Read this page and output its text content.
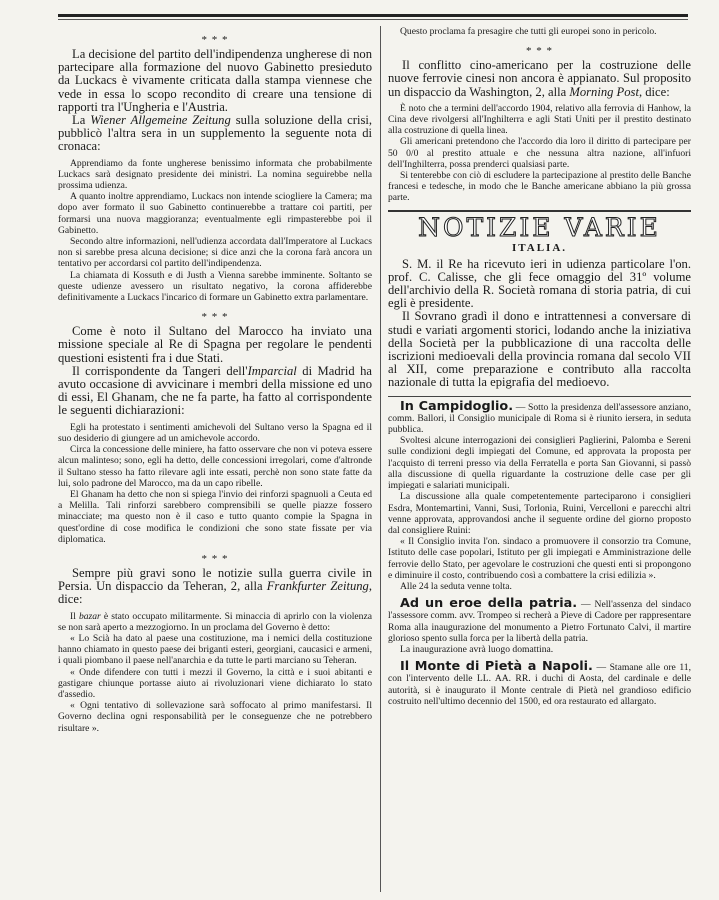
* * *

La decisione del partito dell'indipendenza ungherese di non partecipare alla formazione del nuovo Gabinetto presieduto da Luckacs è vivamente criticata dalla stampa viennese che vede in essa lo scopo recondito di creare una tensione di rapporti tra l'Ungheria e l'Austria.

La Wiener Allgemeine Zeitung sulla soluzione della crisi, pubblicò l'altra sera in un supplemento la seguente nota di cronaca:

Apprendiamo da fonte ungherese benissimo informata che probabilmente Luckacs sarà designato presidente dei ministri. La nomina seguirebbe nella prossima udienza.

A quanto inoltre apprendiamo, Luckacs non intende sciogliere la Camera; ma dopo aver formato il suo Gabinetto continuerebbe a trattare coi partiti, per formarsi una nuova maggioranza; eventualmente egli rimpasterebbe poi il Gabinetto.

Secondo altre informazioni, nell'udienza accordata dall'Imperatore al Luckacs non si sarebbe presa alcuna decisione; si dice anzi che la corona farà ancora un tentativo per accordarsi col partito dell'indipendenza.

La chiamata di Kossuth e di Justh a Vienna sarebbe imminente. Soltanto se queste udienze avessero un risultato negativo, la corona affiderebbe definitivamente a Luckacs l'incarico di formare un Gabinetto extra parlamentare.

* * *

Come è noto il Sultano del Marocco ha inviato una missione speciale al Re di Spagna per regolare le pendenti questioni esistenti fra i due Stati.

Il corrispondente da Tangeri dell'Imparcial di Madrid ha avuto occasione di avvicinare i membri della missione ed uno di essi, El Ghanam, che ne fa parte, ha fatto al corrispondente le seguenti dichiarazioni:

Egli ha protestato i sentimenti amichevoli del Sultano verso la Spagna ed il suo desiderio di giungere ad un amichevole accordo.

Circa la concessione delle miniere, ha fatto osservare che non vi poteva essere alcun malinteso; sono, egli ha detto, delle concessioni irregolari, come d'altronde il Sultano stesso ha fatto rilevare agli inte essati, perchè non sono state fatte da lui, solo padrone del Marocco, ma da un capo ribelle.

El Ghanam ha detto che non si spiega l'invio dei rinforzi spagnuoli a Ceuta ed a Melilla. Tali rinforzi sarebbero comprensibili se quelle piazze fossero minacciate; ma questo non è il caso e tutto quanto compie la Spagna in quest'ordine di cose modifica le condizioni che sono state fissate per via diplomatica.

* * *

Sempre più gravi sono le notizie sulla guerra civile in Persia. Un dispaccio da Teheran, 2, alla Frankfurter Zeitung, dice:

Il bazar è stato occupato militarmente. Si minaccia di aprirlo con la violenza se non sarà aperto a mezzogiorno. In un proclama del Governo è detto:

« Lo Scià ha dato al paese una costituzione, ma i nemici della costituzione hanno chiamato in questo paese dei briganti esteri, georgiani, caucasici e armeni, i quali piombano il paese nell'anarchia e da tutte le parti marciano su Teheran.

« Onde difendere con tutti i mezzi il Governo, la città e i suoi abitanti e gastigare chiunque portasse aiuto ai rivoluzionari viene dichiarato lo stato d'assedio.

« Ogni tentativo di sollevazione sarà soffocato al primo manifestarsi. Il Governo declina ogni responsabilità per le conseguenze che ne potrebbero risultare ».

Questo proclama fa presagire che tutti gli europei sono in pericolo.

* * *

Il conflitto cino-americano per la costruzione delle nuove ferrovie cinesi non ancora è appianato. Sul proposito un dispaccio da Washington, 2, alla Morning Post, dice:

È noto che a termini dell'accordo 1904, relativo alla ferrovia di Hanhow, la Cina deve rivolgersi all'Inghilterra e agli Stati Uniti per il prestito destinato alla costruzione di quella linea.

Gli americani pretendono che l'accordo dia loro il diritto di partecipare per 50 0/0 al prestito attuale e che nessuna altra nazione, all'infuori dell'Inghilterra, possa prenderci qualsiasi parte.

Si tenterebbe con ciò di escludere la partecipazione al prestito delle Banche francesi e tedesche, in modo che le Banche americane abbiano la più grossa parte.

NOTIZIE VARIE
ITALIA.

S. M. il Re ha ricevuto ieri in udienza particolare l'on. prof. C. Calisse, che gli fece omaggio del 31º volume dell'archivio della R. Società romana di storia patria, di cui egli è presidente.

Il Sovrano gradì il dono e intrattennesi a conversare di studi e variati argomenti storici, lodando anche la iniziativa della Società per la pubblicazione di una raccolta delle iscrizioni medioevali della provincia romana dal secolo VII al XII, come preparazione e contributo alla raccolta nazionale di tutta la epigrafia del medioevo.

In Campidoglio. — Sotto la presidenza dell'assessore anziano, comm. Ballori, il Consiglio municipale di Roma si è riunito iersera, in seduta pubblica.

Svoltesi alcune interrogazioni dei consiglieri Paglierini, Palomba e Sereni sulle condizioni degli impiegati del Comune, ed approvata la proposta per l'acquisto di terreni presso via della Ferratella e porta San Giovanni, si passò alla discussione di quella riguardante la costruzione delle case per gli impiegati e salariati municipali.

La discussione alla quale competentemente parteciparono i consiglieri Esdra, Montemartini, Vanni, Susi, Torlonia, Ruini, Vercelloni e parecchi altri venne approvata, approvandosi anche il seguente ordine del giorno proposto dal consigliere Ruini:

« Il Consiglio invita l'on. sindaco a promuovere il consorzio tra Comune, Istituto delle case popolari, Istituto per gli impiegati e Amministrazione delle ferrovie dello Stato, per agevolare le costruzioni che questi enti si propongono e diminuire il costo, contribuendo così a combattere la crisi edilizia ».

Alle 24 la seduta venne tolta.

Ad un eroe della patria. — Nell'assenza del sindaco l'assessore comm. avv. Trompeo si recherà a Pieve di Cadore per rappresentare Roma alla inaugurazione del monumento a Pietro Fortunato Calvi, il martire glorioso spento sulla forca per la libertà della patria.

La inaugurazione avrà luogo domattina.

Il Monte di Pietà a Napoli. — Stamane alle ore 11, con l'intervento delle LL. AA. RR. i duchi di Aosta, del cardinale e delle autorità, si è inaugurato il Monte centrale di Pietà nel grandioso edificio costruito nell'ultimo decennio del 1500, ed ora restaurato ed allargato.
